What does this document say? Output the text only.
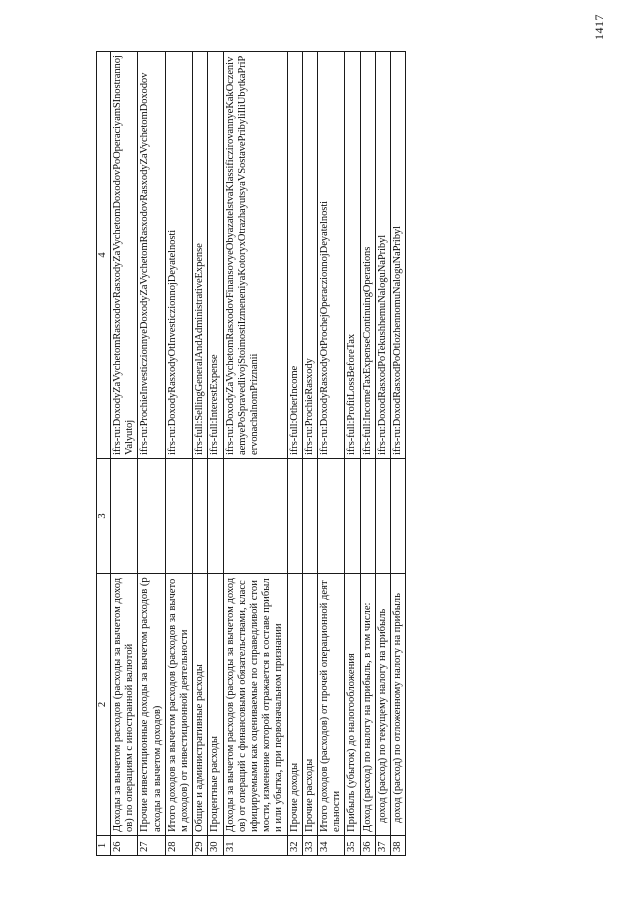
1	2	3	4
26	Доходы за вычетом расходов (расходы за вычетом доходов) по операциям с иностранной валютой		ifrs-ru:DoxodyZaVychetomRasxodovRasxodyZaVychetomDoxodovPoOperaciyamSInostrannojValyutoj
27	Прочие инвестиционные доходы за вычетом расходов (расходы за вычетом доходов)		ifrs-ru:ProchieInvesticzionnyeDoxodyZaVychetomRasxodovRasxodyZaVychetomDoxodov
28	Итого доходов за вычетом расходов (расходов за вычетом доходов) от инвестиционной деятельности		ifrs-ru:DoxodyRasxodyOtInvesticzionnojDeyatelnosti
29	Общие и административные расходы		ifrs-full:SellingGeneralAndAdministrativeExpense
30	Процентные расходы		ifrs-full:InterestExpense
31	Доходы за вычетом расходов (расходы за вычетом доходов) от операций с финансовыми обязательствами, классифицируемыми как оцениваемые по справедливой стоимости, изменение которой отражается в составе прибыли или убытка, при первоначальном признании		ifrs-ru:DoxodyZaVychetomRasxodovFinansovyeObyazatelstvaKlassificzirovannyeKakOczenivaemyePoSpravedlivojStoimostiIzmeneniyaKotoryxOtrazhayutsyaVSostavePribyliIliUbytkaPriPervonachalnomPriznanii
32	Прочие доходы		ifrs-full:OtherIncome
33	Прочие расходы		ifrs-ru:ProchieRasxody
34	Итого доходов (расходов) от прочей операционной деятельности		ifrs-ru:DoxodyRasxodyOtProchejOperaczionnojDeyatelnosti
35	Прибыль (убыток) до налогообложения		ifrs-full:ProfitLossBeforeTax
36	Доход (расход) по налогу на прибыль, в том числе:		ifrs-full:IncomeTaxExpenseContinuingOperations
37	доход (расход) по текущему налогу на прибыль		ifrs-ru:DoxodRasxodPoTekushhemuNaloguNaPribyl
38	доход (расход) по отложенному налогу на прибыль		ifrs-ru:DoxodRasxodPoOtlozhennomuNaloguNaPribyl
1417
